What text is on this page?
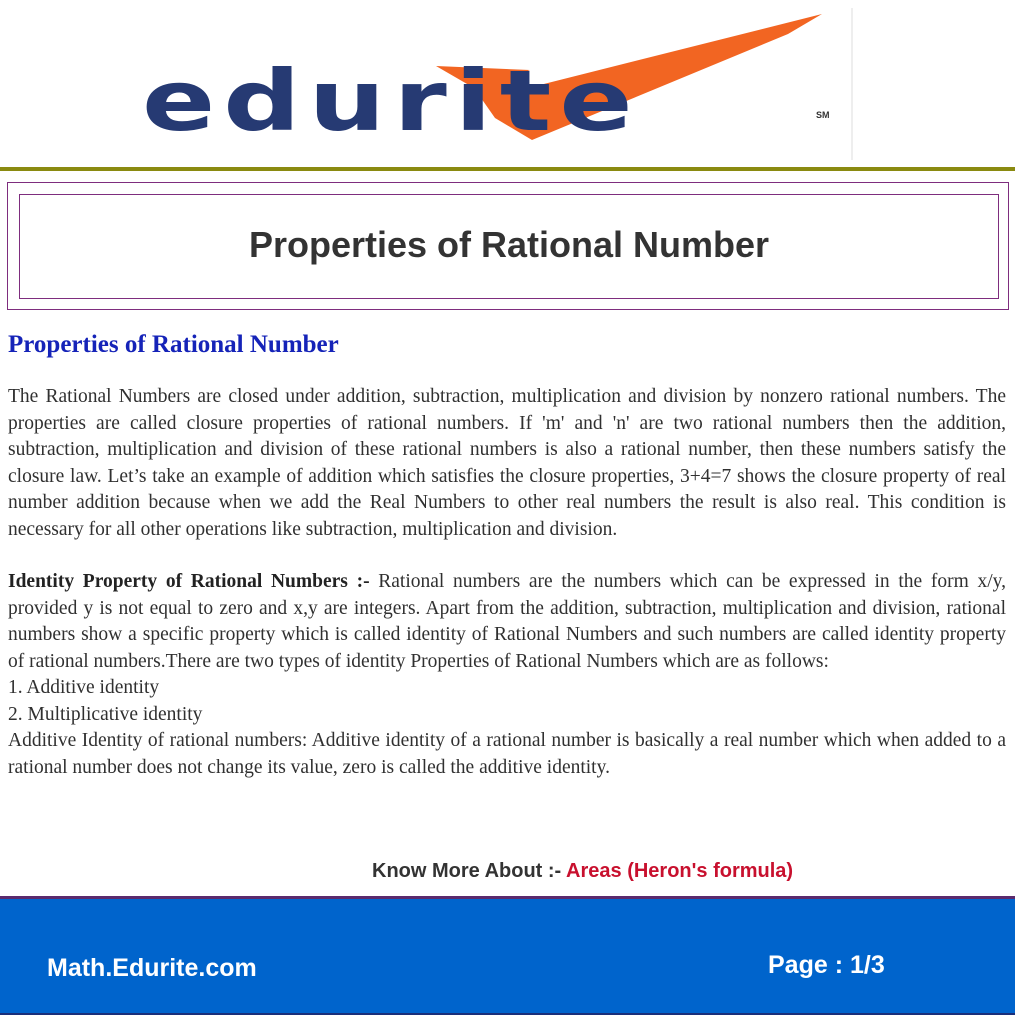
edurite	SM
Properties of Rational Number
Properties of Rational Number

The Rational Numbers are closed under addition, subtraction, multiplication and division by nonzero rational numbers. The properties are called closure properties of rational numbers. If 'm' and 'n' are two rational numbers then the addition, subtraction, multiplication and division of these rational numbers is also a rational number, then these numbers satisfy the closure law. Let’s take an example of addition which satisfies the closure properties, 3+4=7 shows the closure property of real number addition because when we add the Real Numbers to other real numbers the result is also real. This condition is necessary for all other operations like subtraction, multiplication and division.

Identity Property of Rational Numbers :- Rational numbers are the numbers which can be expressed in the form x/y, provided y is not equal to zero and x,y are integers. Apart from the addition, subtraction, multiplication and division, rational numbers show a specific property which is called identity of Rational Numbers and such numbers are called identity property of rational numbers.There are two types of identity Properties of Rational Numbers which are as follows:

1. Additive identity
2. Multiplicative identity

Additive Identity of rational numbers: Additive identity of a rational number is basically a real number which when added to a rational number does not change its value, zero is called the additive identity.

Know More About :- Areas (Heron's formula)
Math.Edurite.com	Page : 1/3
